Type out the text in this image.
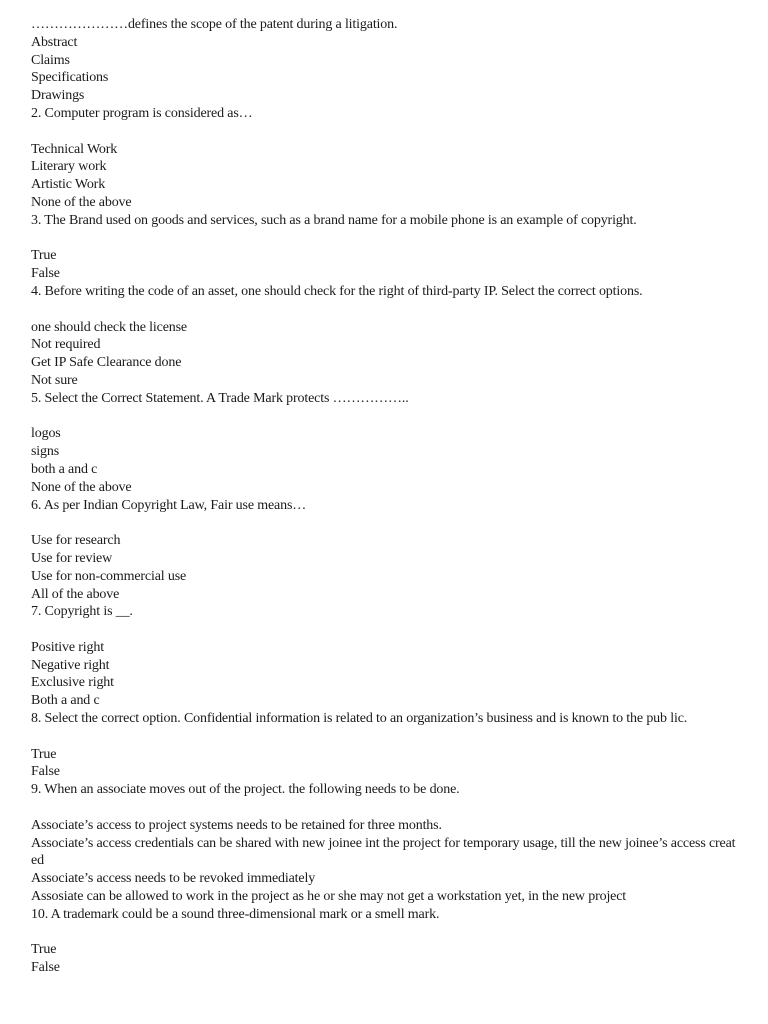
…………………defines the scope of the patent during a litigation.
Abstract
Claims
Specifications
Drawings
2. Computer program is considered as…
Technical Work
Literary work
Artistic Work
None of the above
3. The Brand used on goods and services, such as a brand name for a mobile phone is an example of copyright.
True
False
4. Before writing the code of an asset, one should check for the right of third-party IP. Select the correct options.
one should check the license
Not required
Get IP Safe Clearance done
Not sure
5. Select the Correct Statement. A Trade Mark protects ……………..
logos
signs
both a and c
None of the above
6. As per Indian Copyright Law, Fair use means…
Use for research
Use for review
Use for non-commercial use
All of the above
7. Copyright is __.
Positive right
Negative right
Exclusive right
Both a and c
8. Select the correct option. Confidential information is related to an organization’s business and is known to the pub lic.
True
False
9. When an associate moves out of the project. the following needs to be done.
Associate’s access to project systems needs to be retained for three months.
Associate’s access credentials can be shared with new joinee int the project for temporary usage, till the new joinee’s access created
Associate’s access needs to be revoked immediately
Assosiate can be allowed to work in the project as he or she may not get a workstation yet, in the new project
10. A trademark could be a sound three-dimensional mark or a smell mark.
True
False
